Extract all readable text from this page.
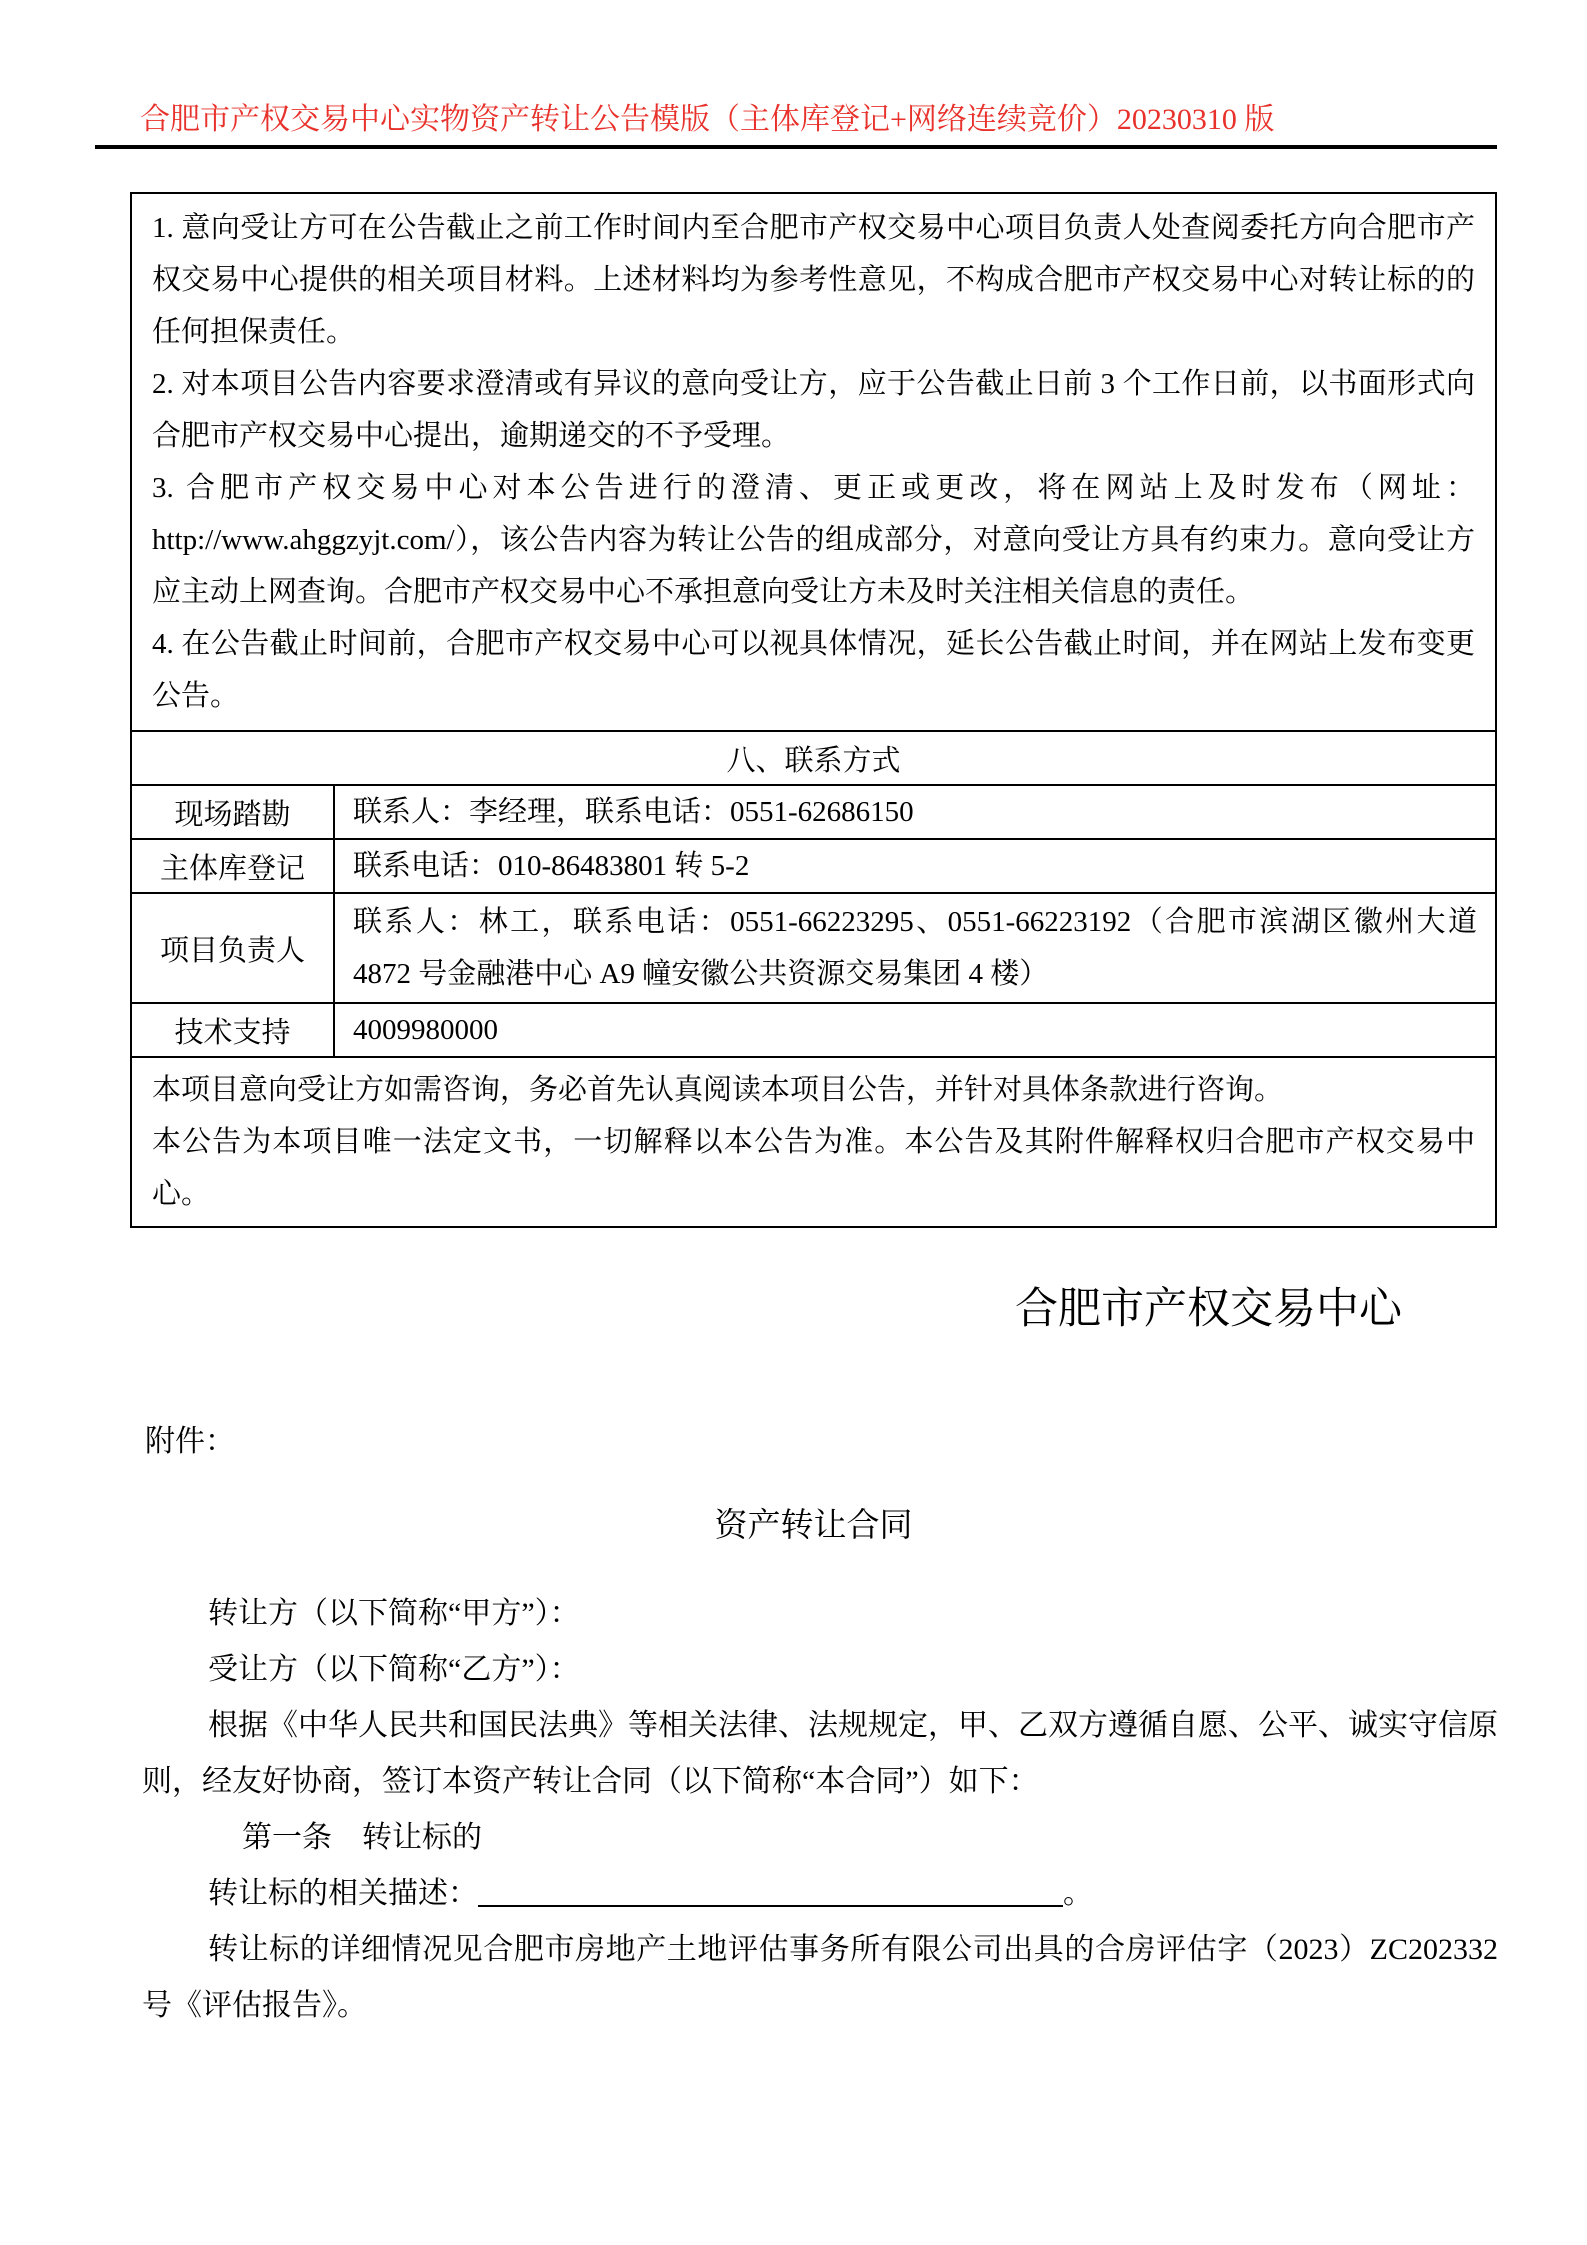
合肥市产权交易中心实物资产转让公告模版（主体库登记+网络连续竞价）20230310 版

1. 意向受让方可在公告截止之前工作时间内至合肥市产权交易中心项目负责人处查阅委托方向合肥市产权交易中心提供的相关项目材料。上述材料均为参考性意见，不构成合肥市产权交易中心对转让标的的任何担保责任。

2. 对本项目公告内容要求澄清或有异议的意向受让方，应于公告截止日前 3 个工作日前，以书面形式向合肥市产权交易中心提出，逾期递交的不予受理。

3. 合肥市产权交易中心对本公告进行的澄清、更正或更改，将在网站上及时发布（网址：http://www.ahggzyjt.com/），该公告内容为转让公告的组成部分，对意向受让方具有约束力。意向受让方应主动上网查询。合肥市产权交易中心不承担意向受让方未及时关注相关信息的责任。

4. 在公告截止时间前，合肥市产权交易中心可以视具体情况，延长公告截止时间，并在网站上发布变更公告。	

八、联系方式	
现场踏勘	联系人：李经理，联系电话：0551-62686150
主体库登记	联系电话：010-86483801 转 5-2
项目负责人	联系人：林工，联系电话：0551-66223295、0551-66223192（合肥市滨湖区徽州大道 4872 号金融港中心 A9 幢安徽公共资源交易集团 4 楼）
技术支持	4009980000

本项目意向受让方如需咨询，务必首先认真阅读本项目公告，并针对具体条款进行咨询。

本公告为本项目唯一法定文书，一切解释以本公告为准。本公告及其附件解释权归合肥市产权交易中心。	

合肥市产权交易中心
附件：
资产转让合同

转让方（以下简称“甲方”）：

受让方（以下简称“乙方”）：

根据《中华人民共和国民法典》等相关法律、法规规定，甲、乙双方遵循自愿、公平、诚实守信原则，经友好协商，签订本资产转让合同（以下简称“本合同”）如下：

第一条　转让标的

转让标的相关描述：	。

转让标的详细情况见合肥市房地产土地评估事务所有限公司出具的合房评估字（2023）ZC202332 号《评估报告》。
